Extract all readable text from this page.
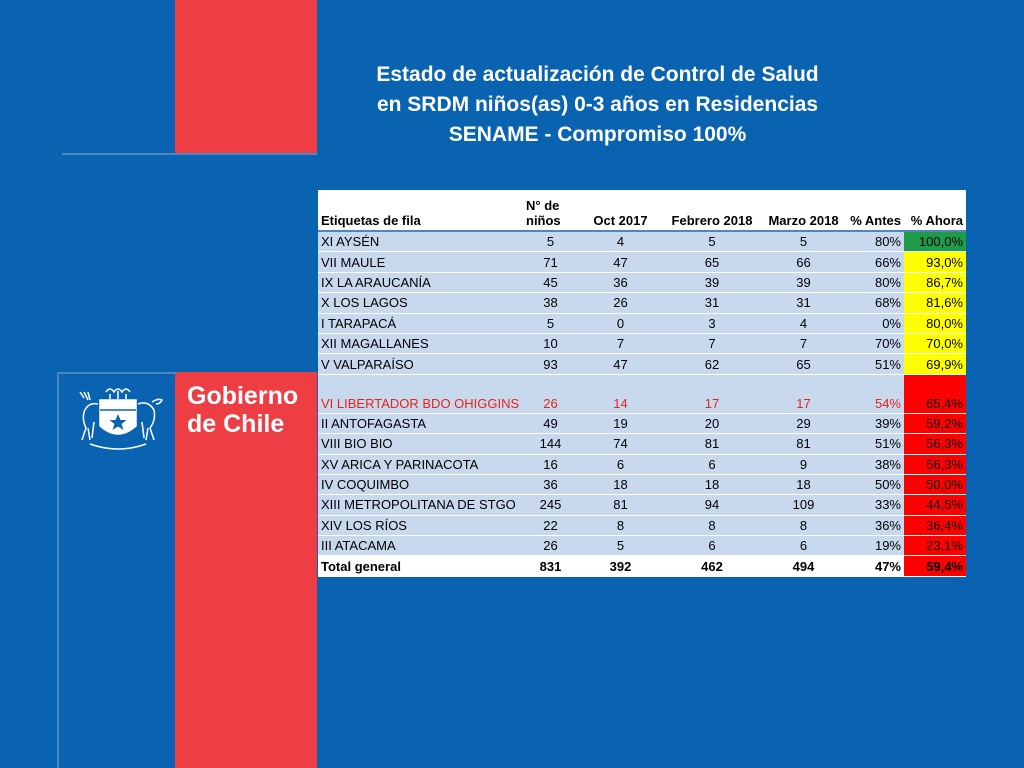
Estado de actualización de Control de Salud
en SRDM niños(as) 0-3 años en Residencias
SENAME - Compromiso 100%
Gobierno
de Chile
Etiquetas de fila	N° de niños	Oct 2017	Febrero 2018	Marzo 2018	% Antes	% Ahora
XI AYSÉN	5	4	5	5	80%	100,0%
VII MAULE	71	47	65	66	66%	93,0%
IX LA ARAUCANÍA	45	36	39	39	80%	86,7%
X LOS LAGOS	38	26	31	31	68%	81,6%
I TARAPACÁ	5	0	3	4	0%	80,0%
XII MAGALLANES	10	7	7	7	70%	70,0%
V VALPARAÍSO	93	47	62	65	51%	69,9%
VI LIBERTADOR BDO OHIGGINS	26	14	17	17	54%	65,4%
II ANTOFAGASTA	49	19	20	29	39%	59,2%
VIII BIO BIO	144	74	81	81	51%	56,3%
XV ARICA Y PARINACOTA	16	6	6	9	38%	56,3%
IV COQUIMBO	36	18	18	18	50%	50,0%
XIII METROPOLITANA DE STGO	245	81	94	109	33%	44,5%
XIV LOS RÍOS	22	8	8	8	36%	36,4%
III ATACAMA	26	5	6	6	19%	23,1%
Total general	831	392	462	494	47%	59,4%
